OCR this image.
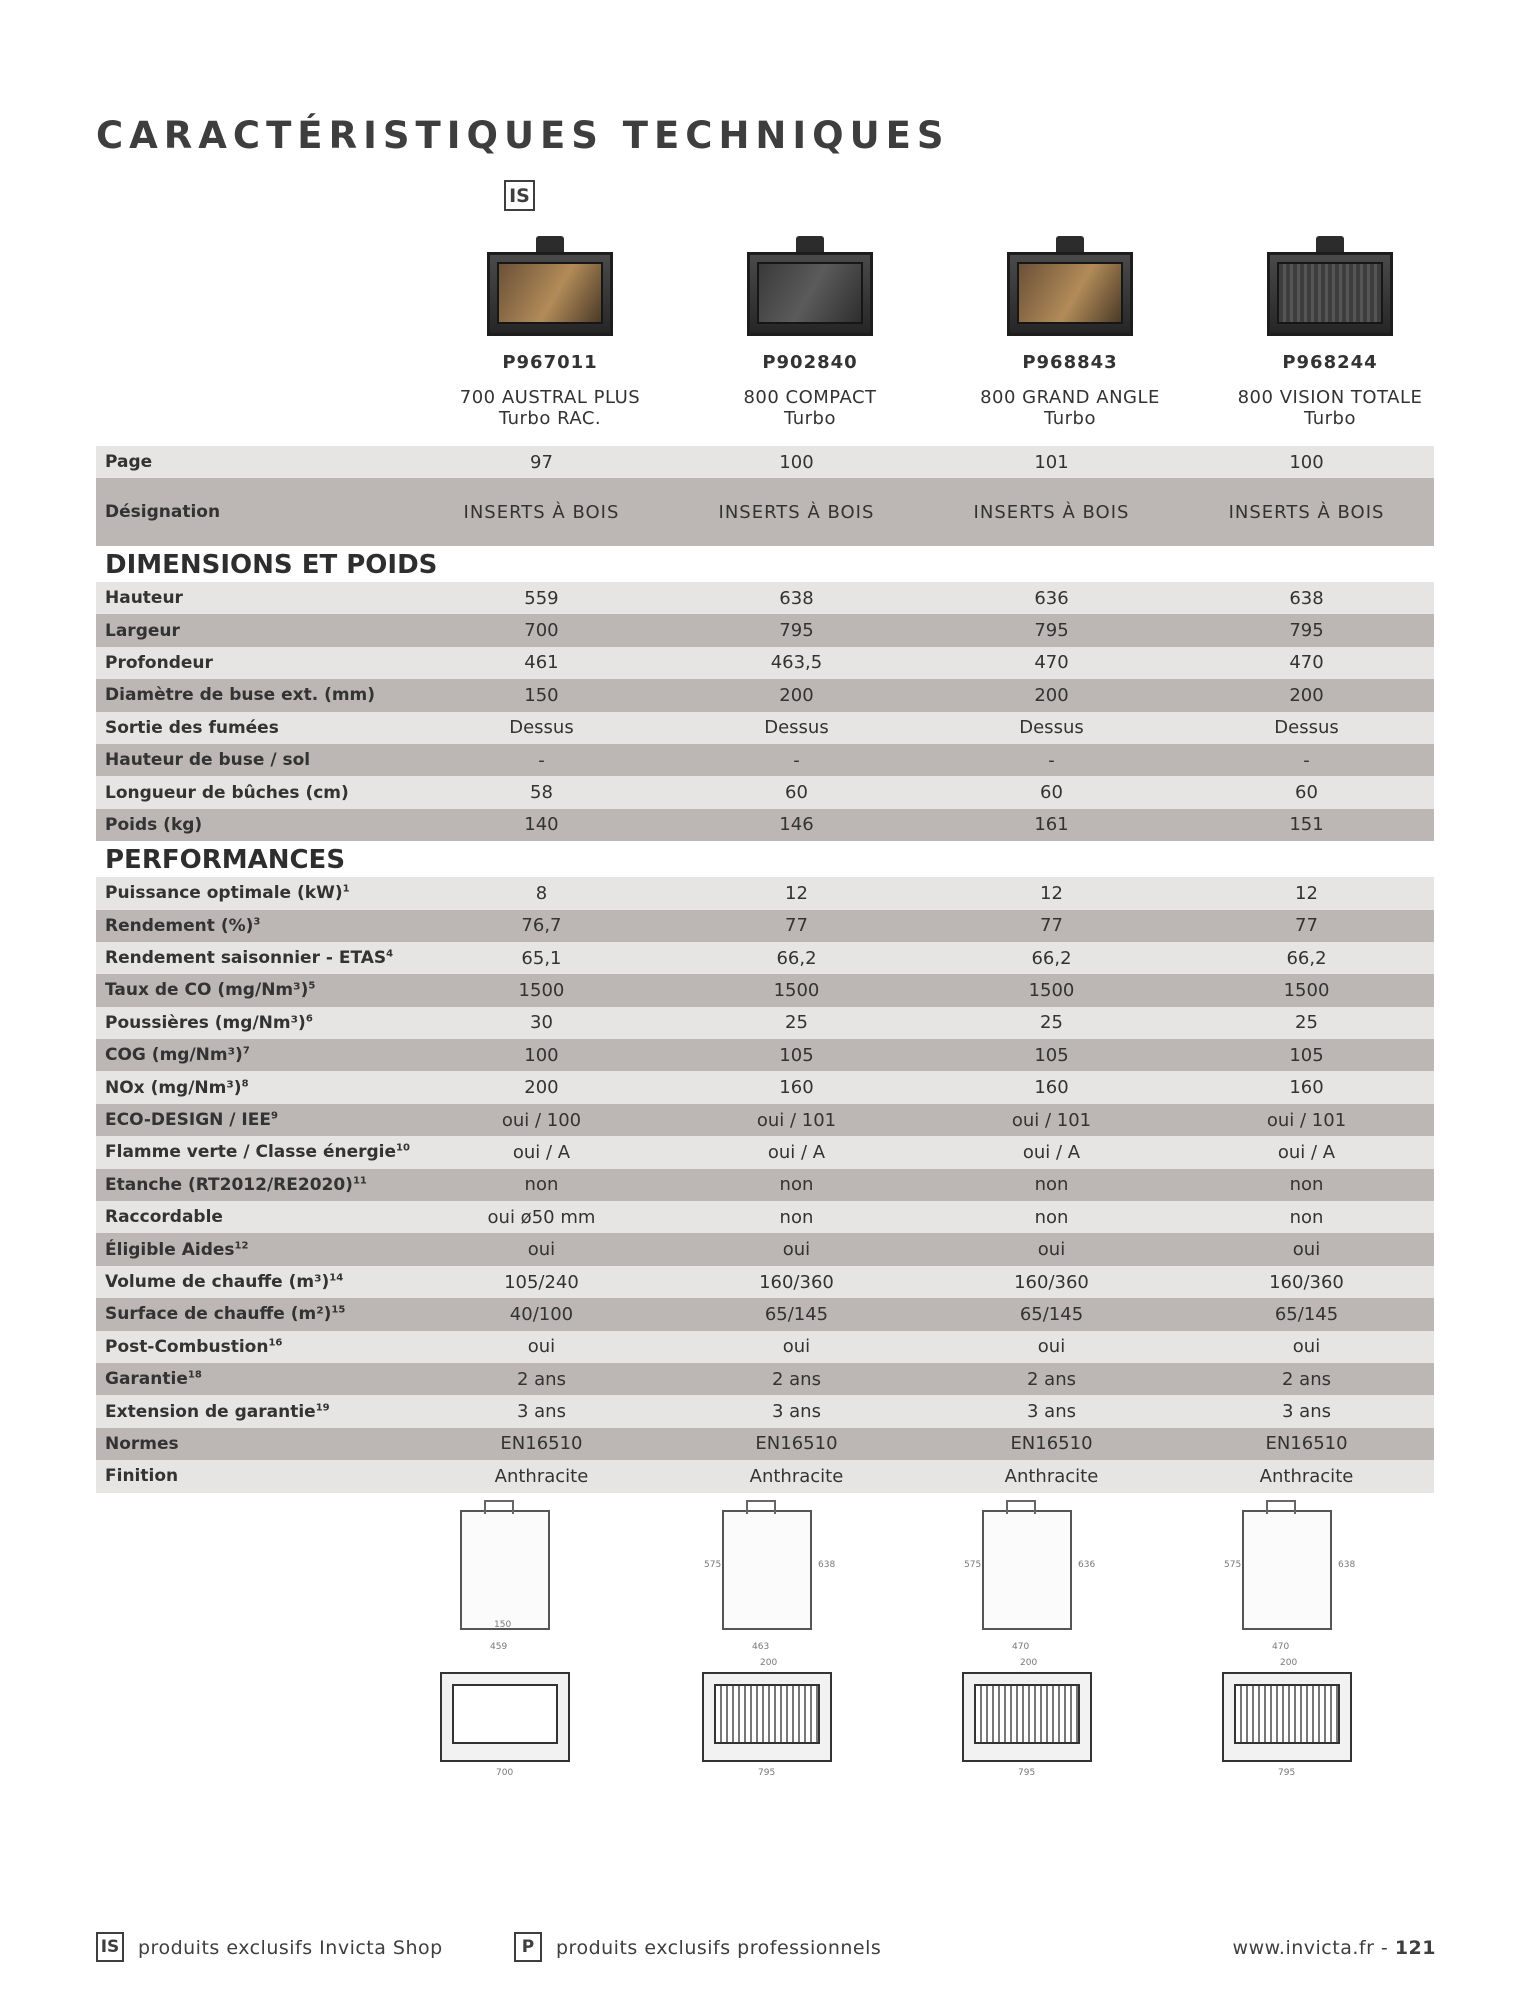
CARACTÉRISTIQUES TECHNIQUES
IS
P967011
700 AUSTRAL PLUS
Turbo RAC.
P902840
800 COMPACT
Turbo
P968843
800 GRAND ANGLE
Turbo
P968244
800 VISION TOTALE
Turbo
Page	97	100	101	100
Désignation	INSERTS À BOIS	INSERTS À BOIS	INSERTS À BOIS	INSERTS À BOIS
DIMENSIONS ET POIDS
Hauteur	559	638	636	638
Largeur	700	795	795	795
Profondeur	461	463,5	470	470
Diamètre de buse ext. (mm)	150	200	200	200
Sortie des fumées	Dessus	Dessus	Dessus	Dessus
Hauteur de buse / sol	-	-	-	-
Longueur de bûches (cm)	58	60	60	60
Poids (kg)	140	146	161	151
PERFORMANCES
Puissance optimale (kW)$^1$	8	12	12	12
Rendement (%)$^3$	76,7	77	77	77
Rendement saisonnier - ETAS$^4$	65,1	66,2	66,2	66,2
Taux de CO $(mg/Nm^3)^5$	1500	1500	1500	1500
Poussières $(mg/Nm^3)^6$	30	25	25	25
COG $(mg/Nm^3)^7$	100	105	105	105
NOx $(mg/Nm^3)^8$	200	160	160	160
ECO-DESIGN / IEE$^9$	oui / 100	oui / 101	oui / 101	oui / 101
Flamme verte / Classe énergie$^{10}$	oui / A	oui / A	oui / A	oui / A
Etanche $(RT2012/RE2020)^{11}$	non	non	non	non
Raccordable	oui ø50 mm	non	non	non
Éligible Aides$^{12}$	oui	oui	oui	oui
Volume de chauffe $(m^3)^{14}$	105/240	160/360	160/360	160/360
Surface de chauffe $(m^2)^{15}$	40/100	65/145	65/145	65/145
Post-Combustion$^{16}$	oui	oui	oui	oui
Garantie$^{18}$	2 ans	2 ans	2 ans	2 ans
Extension de garantie$^{19}$	3 ans	3 ans	3 ans	3 ans
Normes	EN16510	EN16510	EN16510	EN16510
Finition	Anthracite	Anthracite	Anthracite	Anthracite
459
150
700
463
575	638
795
200
470
575	636
795
200
470
575	638
795
200
IS produits exclusifs Invicta Shop	P	produits exclusifs professionnels	www.invicta.fr - 121
